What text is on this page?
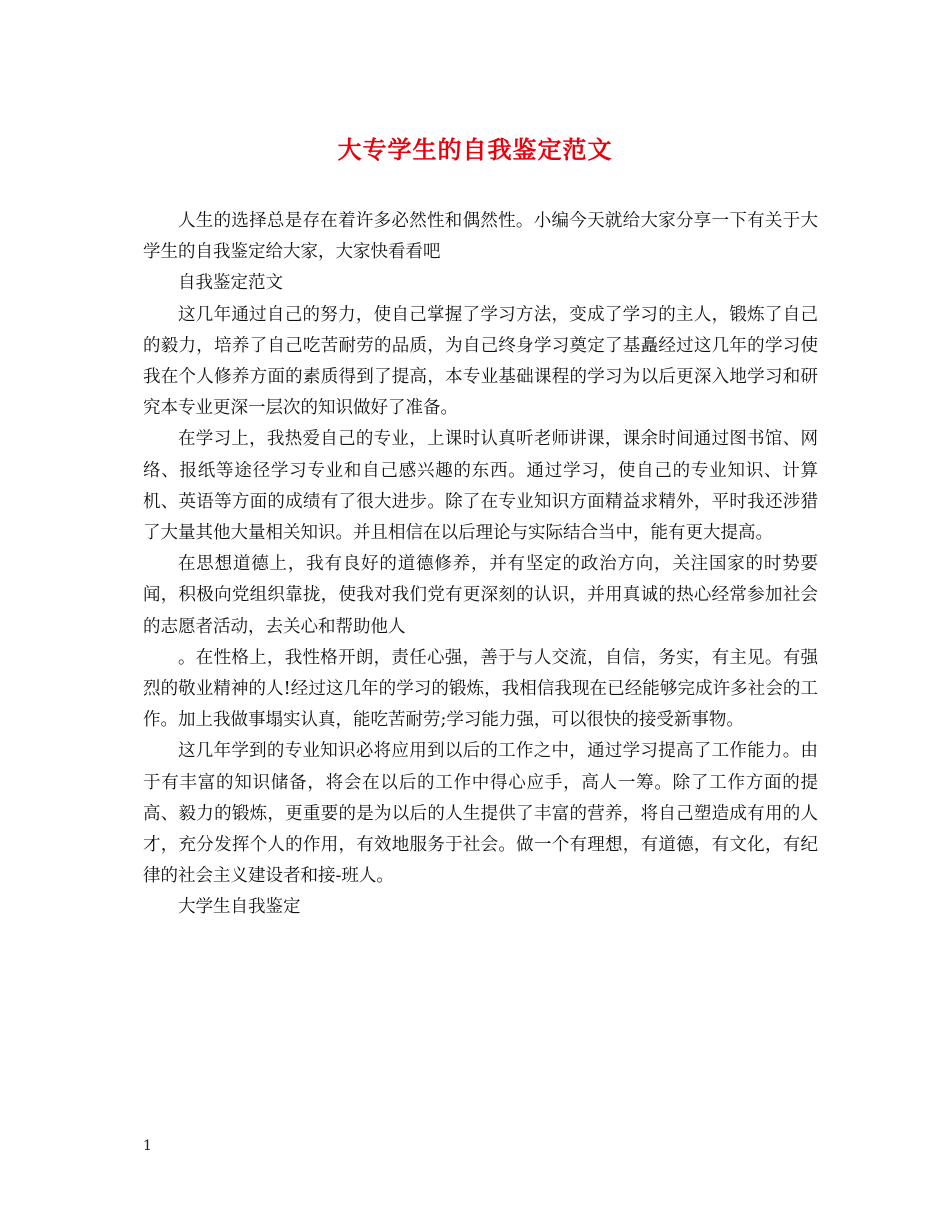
大专学生的自我鉴定范文

人生的选择总是存在着许多必然性和偶然性。小编今天就给大家分享一下有关于大学生的自我鉴定给大家，大家快看看吧

自我鉴定范文

这几年通过自己的努力，使自己掌握了学习方法，变成了学习的主人，锻炼了自己的毅力，培养了自己吃苦耐劳的品质，为自己终身学习奠定了基矗经过这几年的学习使我在个人修养方面的素质得到了提高，本专业基础课程的学习为以后更深入地学习和研究本专业更深一层次的知识做好了准备。

在学习上，我热爱自己的专业，上课时认真听老师讲课，课余时间通过图书馆、网络、报纸等途径学习专业和自己感兴趣的东西。通过学习，使自己的专业知识、计算机、英语等方面的成绩有了很大进步。除了在专业知识方面精益求精外，平时我还涉猎了大量其他大量相关知识。并且相信在以后理论与实际结合当中，能有更大提高。

在思想道德上，我有良好的道德修养，并有坚定的政治方向，关注国家的时势要闻，积极向党组织靠拢，使我对我们党有更深刻的认识，并用真诚的热心经常参加社会的志愿者活动，去关心和帮助他人

。在性格上，我性格开朗，责任心强，善于与人交流，自信，务实，有主见。有强烈的敬业精神的人!经过这几年的学习的锻炼，我相信我现在已经能够完成许多社会的工作。加上我做事塌实认真，能吃苦耐劳;学习能力强，可以很快的接受新事物。

这几年学到的专业知识必将应用到以后的工作之中，通过学习提高了工作能力。由于有丰富的知识储备，将会在以后的工作中得心应手，高人一筹。除了工作方面的提高、毅力的锻炼，更重要的是为以后的人生提供了丰富的营养，将自己塑造成有用的人才，充分发挥个人的作用，有效地服务于社会。做一个有理想，有道德，有文化，有纪律的社会主义建设者和接-班人。

大学生自我鉴定

1
